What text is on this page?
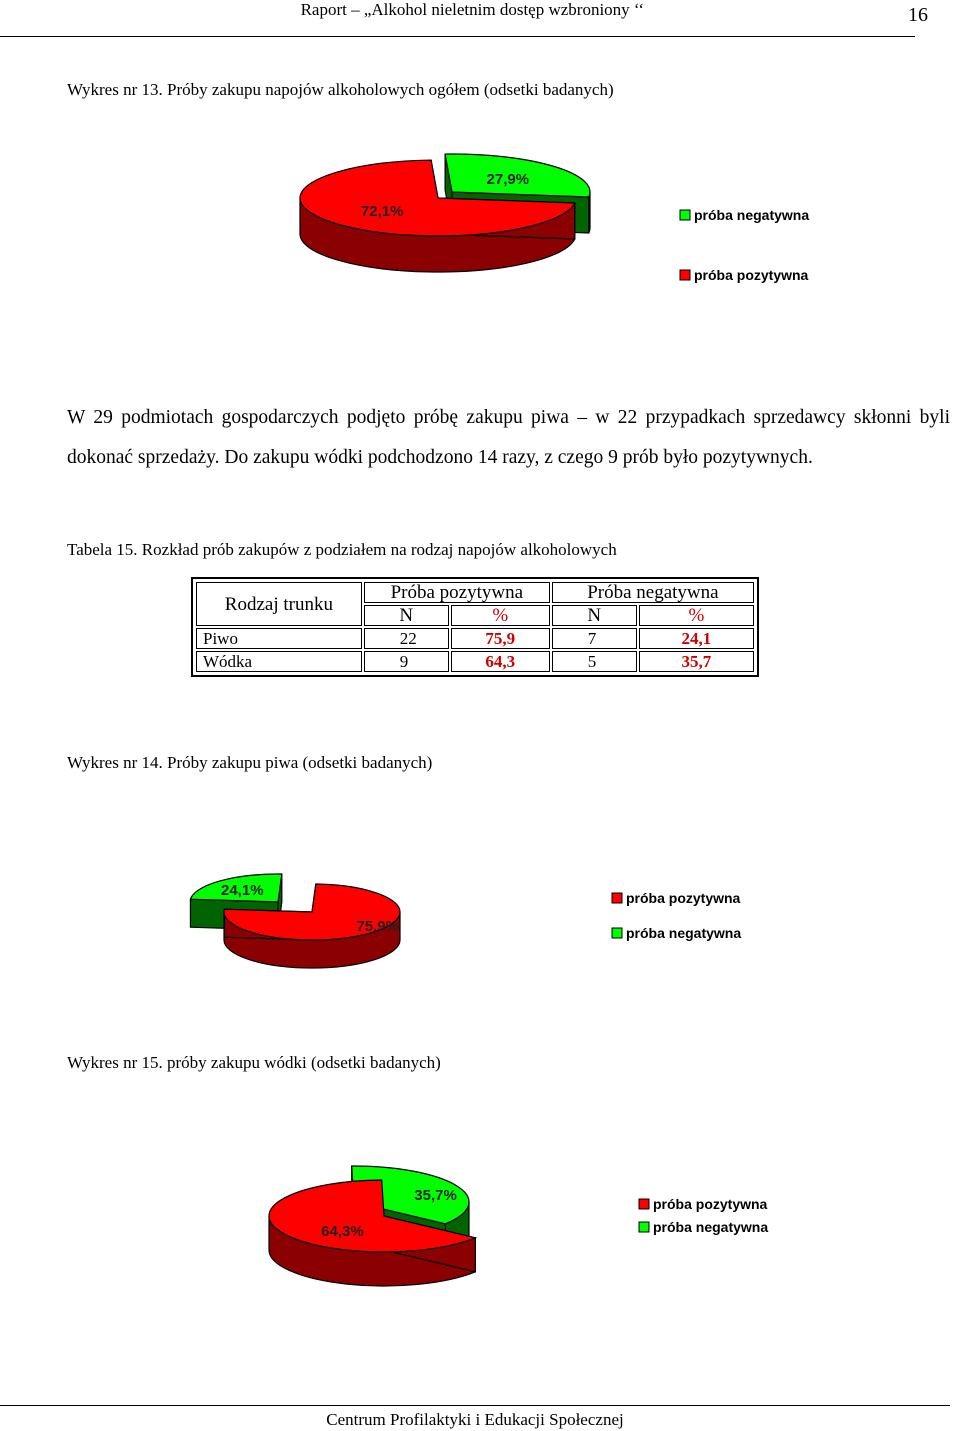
Raport – „Alkohol nieletnim dostęp wzbroniony ‘‘	16
Wykres nr 13. Próby zakupu napojów alkoholowych ogółem (odsetki badanych)
27,9%
72,1%	próba negatywna
próba pozytywna

W 29 podmiotach gospodarczych podjęto próbę zakupu piwa – w 22 przypadkach sprzedawcy skłonni byli dokonać sprzedaży. Do zakupu wódki podchodzono 14 razy, z czego 9 prób było pozytywnych.

Tabela 15. Rozkład prób zakupów z podziałem na rodzaj napojów alkoholowych
Rodzaj trunku	Próba pozytywna		Próba negatywna	
	N	%	N	%
Piwo	22	75,9	7	24,1
Wódka	9	64,3	5	35,7
Wykres nr 14. Próby zakupu piwa (odsetki badanych)
24,1%
75,9%
próba pozytywna
próba negatywna
Wykres nr 15. próby zakupu wódki (odsetki badanych)
35,7%
64,3%
próba pozytywna
próba negatywna
Centrum Profilaktyki i Edukacji Społecznej
